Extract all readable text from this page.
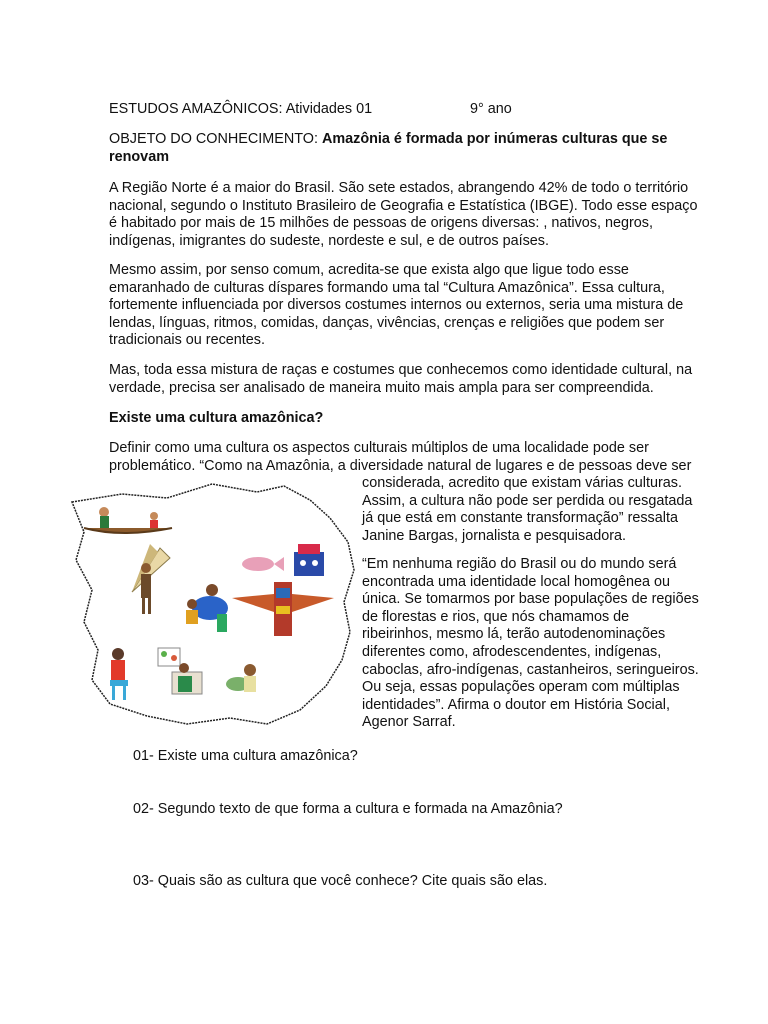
ESTUDOS AMAZÔNICOS: Atividades 01	9° ano

OBJETO DO CONHECIMENTO: Amazônia é formada por inúmeras culturas que se renovam

A Região Norte é a maior do Brasil. São sete estados, abrangendo 42% de todo o território nacional, segundo o Instituto Brasileiro de Geografia e Estatística (IBGE). Todo esse espaço é habitado por mais de 15 milhões de pessoas de origens diversas: , nativos, negros, indígenas, imigrantes do sudeste, nordeste e sul, e de outros países.

Mesmo assim, por senso comum, acredita-se que exista algo que ligue todo esse emaranhado de culturas díspares formando uma tal “Cultura Amazônica”. Essa cultura, fortemente influenciada por diversos costumes internos ou externos, seria uma mistura de lendas, línguas, ritmos, comidas, danças, vivências, crenças e religiões que podem ser tradicionais ou recentes.

Mas, toda essa mistura de raças e costumes que conhecemos como identidade cultural, na verdade, precisa ser analisado de maneira muito mais ampla para ser compreendida.

Existe uma cultura amazônica?

Definir como uma cultura os aspectos culturais múltiplos de uma localidade pode ser problemático. “Como na Amazônia, a diversidade natural de lugares e de pessoas deve ser

considerada, acredito que existam várias culturas. Assim, a cultura não pode ser perdida ou resgatada já que está em constante transformação” ressalta Janine Bargas, jornalista e pesquisadora.

“Em nenhuma região do Brasil ou do mundo será encontrada uma identidade local homogênea ou única. Se tomarmos por base populações de regiões de florestas e rios, que nós chamamos de ribeirinhos, mesmo lá, terão autodenominações diferentes como, afrodescendentes, indígenas, caboclas, afro-indígenas, castanheiros, seringueiros. Ou seja, essas populações operam com múltiplas identidades”. Afirma o doutor em História Social, Agenor Sarraf.

01- Existe uma cultura amazônica?

02- Segundo texto de que forma a cultura e formada na Amazônia?

03- Quais são as cultura que você conhece? Cite quais são elas.
